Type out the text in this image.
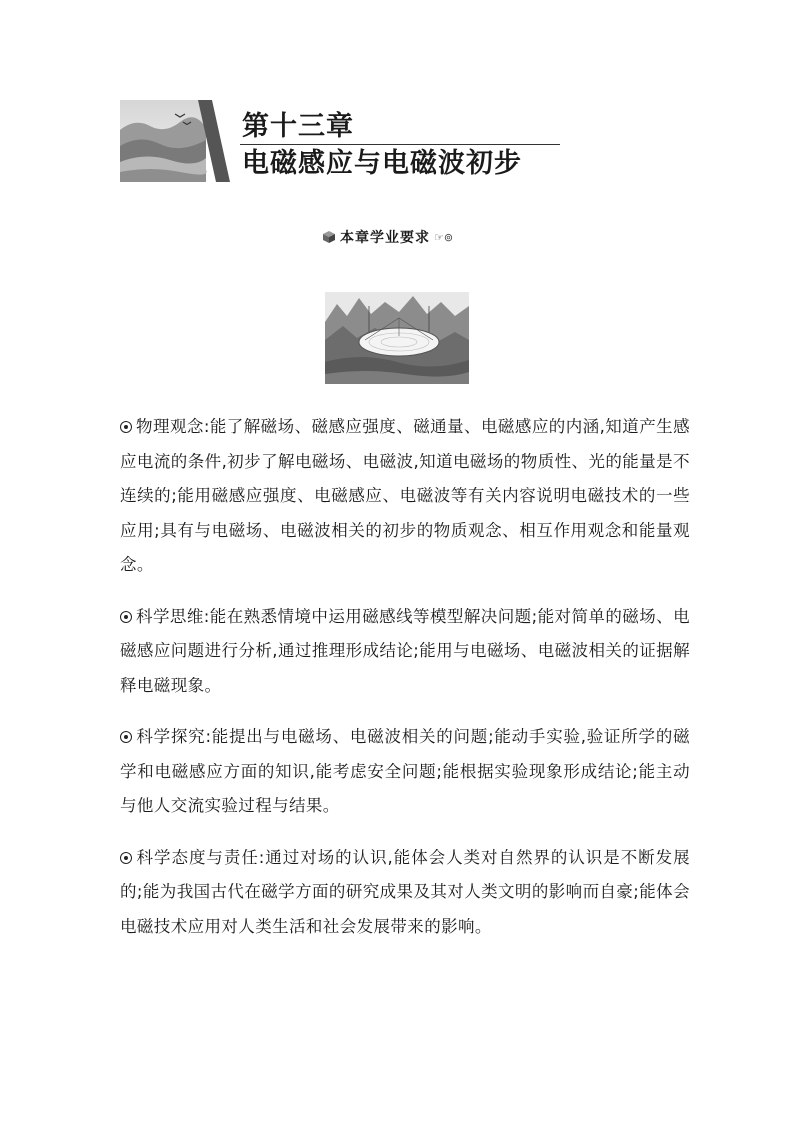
第十三章
电磁感应与电磁波初步
本章学业要求 ☞⊚

物理观念:能了解磁场、磁感应强度、磁通量、电磁感应的内涵,知道产生感应电流的条件,初步了解电磁场、电磁波,知道电磁场的物质性、光的能量是不连续的;能用磁感应强度、电磁感应、电磁波等有关内容说明电磁技术的一些应用;具有与电磁场、电磁波相关的初步的物质观念、相互作用观念和能量观念。

科学思维:能在熟悉情境中运用磁感线等模型解决问题;能对简单的磁场、电磁感应问题进行分析,通过推理形成结论;能用与电磁场、电磁波相关的证据解释电磁现象。

科学探究:能提出与电磁场、电磁波相关的问题;能动手实验,验证所学的磁学和电磁感应方面的知识,能考虑安全问题;能根据实验现象形成结论;能主动与他人交流实验过程与结果。

科学态度与责任:通过对场的认识,能体会人类对自然界的认识是不断发展的;能为我国古代在磁学方面的研究成果及其对人类文明的影响而自豪;能体会电磁技术应用对人类生活和社会发展带来的影响。
